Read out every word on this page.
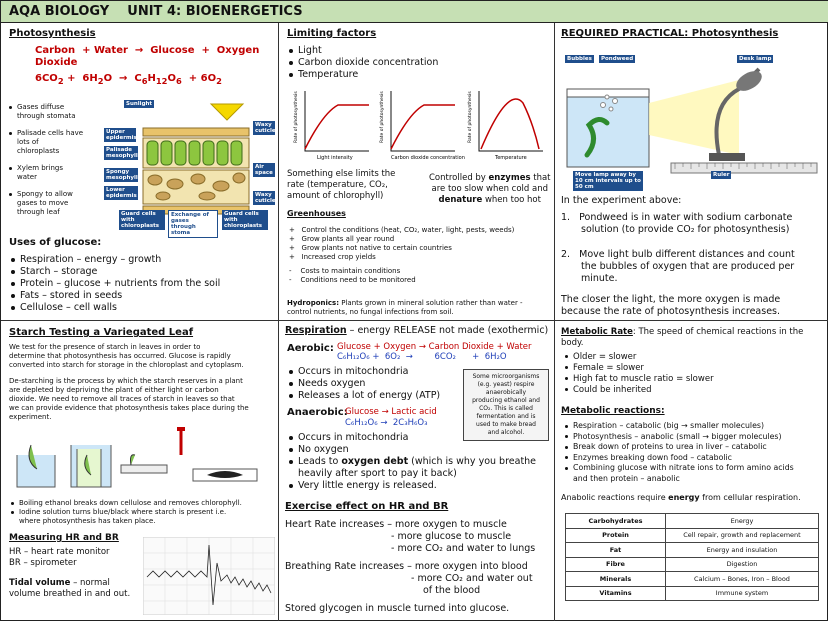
AQA BIOLOGY UNIT 4: BIOENERGETICS
Photosynthesis
Carbon  + Water  →  Glucose  +  Oxygen
Dioxide
$6CO_2 + 6H_2O \to C_6H_{12}O_6 + 6O_2$
Gases diffuse
through stomata
Palisade cells have
lots of
chloroplasts
Xylem brings
water
Spongy to allow
gases to move
through leaf
Sunlight
Upper epidermis
Palisade mesophyll
Spongy mesophyll
Lower epidermis
Waxy cuticle
Air space
Waxy cuticle
Guard cells with chloroplasts
Exchange of gases through stoma
Guard cells with chloroplasts
Uses of glucose:
Respiration – energy – growth
Starch – storage
Protein – glucose + nutrients from the soil
Fats – stored in seeds
Cellulose – cell walls
Limiting factors
Light
Carbon dioxide concentration
Temperature
Rate of photosynthesis	Rate of photosynthesis	Rate of photosynthesis
Light intensity	Carbon dioxide concentration	Temperature
Something else limits the
rate (temperature, CO₂,
amount of chlorophyll)
Controlled by enzymes that
are too slow when cold and
denature when too hot
Greenhouses
+   Control the conditions (heat, CO₂, water, light, pests, weeds)
+   Grow plants all year round
+   Grow plants not native to certain countries
+   Increased crop yields
-    Costs to maintain conditions
-    Conditions need to be monitored
Hydroponics: Plants grown in mineral solution rather than water -
control nutrients, no fungal infections from soil.
REQUIRED PRACTICAL: Photosynthesis
Bubbles	Pondweed	Desk lamp
Move lamp away by 10 cm intervals up to 50 cm
Ruler
In the experiment above:
1.   Pondweed is in water with sodium carbonate
solution (to provide CO₂ for photosynthesis)
2.   Move light bulb different distances and count
the bubbles of oxygen that are produced per
minute.
The closer the light, the more oxygen is made
because the rate of photosynthesis increases.
Starch Testing a Variegated Leaf
We test for the presence of starch in leaves in order to
determine that photosynthesis has occurred. Glucose is rapidly
converted into starch for storage in the chloroplast and cytoplasm.
De-starching is the process by which the starch reserves in a plant
are depleted by depriving the plant of either light or carbon
dioxide. We need to remove all traces of starch in leaves so that
we can provide evidence that photosynthesis takes place during the
experiment.
Boiling ethanol breaks down cellulose and removes chlorophyll.
Iodine solution turns blue/black where starch is present i.e.
where photosynthesis has taken place.
Measuring HR and BR
HR – heart rate monitor
BR – spirometer
Tidal volume – normal
volume breathed in and out.
Respiration – energy RELEASE not made (exothermic)
Aerobic: Glucose + Oxygen → Carbon Dioxide + Water
C₆H₁₂O₆ +  6O₂  →        6CO₂      +  6H₂O
Occurs in mitochondria
Needs oxygen
Releases a lot of energy (ATP)
Some microorganisms
(e.g. yeast) respire
anaerobically
producing ethanol and
CO₂. This is called
fermentation and is
used to make bread
and alcohol.
Anaerobic:
Glucose → Lactic acid
C₆H₁₂O₆ →  2C₃H₆O₃
Occurs in mitochondria
No oxygen
Leads to oxygen debt (which is why you breathe
heavily after sport to pay it back)
Very little energy is released.
Exercise effect on HR and BR
Heart Rate increases – more oxygen to muscle
- more glucose to muscle
- more CO₂ and water to lungs
Breathing Rate increases – more oxygen into blood
- more CO₂ and water out
of the blood
Stored glycogen in muscle turned into glucose.
Metabolic Rate: The speed of chemical reactions in the
body.
Older = slower
Female = slower
High fat to muscle ratio = slower
Could be inherited
Metabolic reactions:
Respiration – catabolic (big → smaller molecules)
Photosynthesis – anabolic (small → bigger molecules)
Break down of proteins to urea in liver – catabolic
Enzymes breaking down food – catabolic
Combining glucose with nitrate ions to form amino acids
and then protein – anabolic
Anabolic reactions require energy from cellular respiration.
Carbohydrates	Energy
Protein	Cell repair, growth and replacement
Fat	Energy and insulation
Fibre	Digestion
Minerals	Calcium – Bones, Iron – Blood
Vitamins	Immune system
